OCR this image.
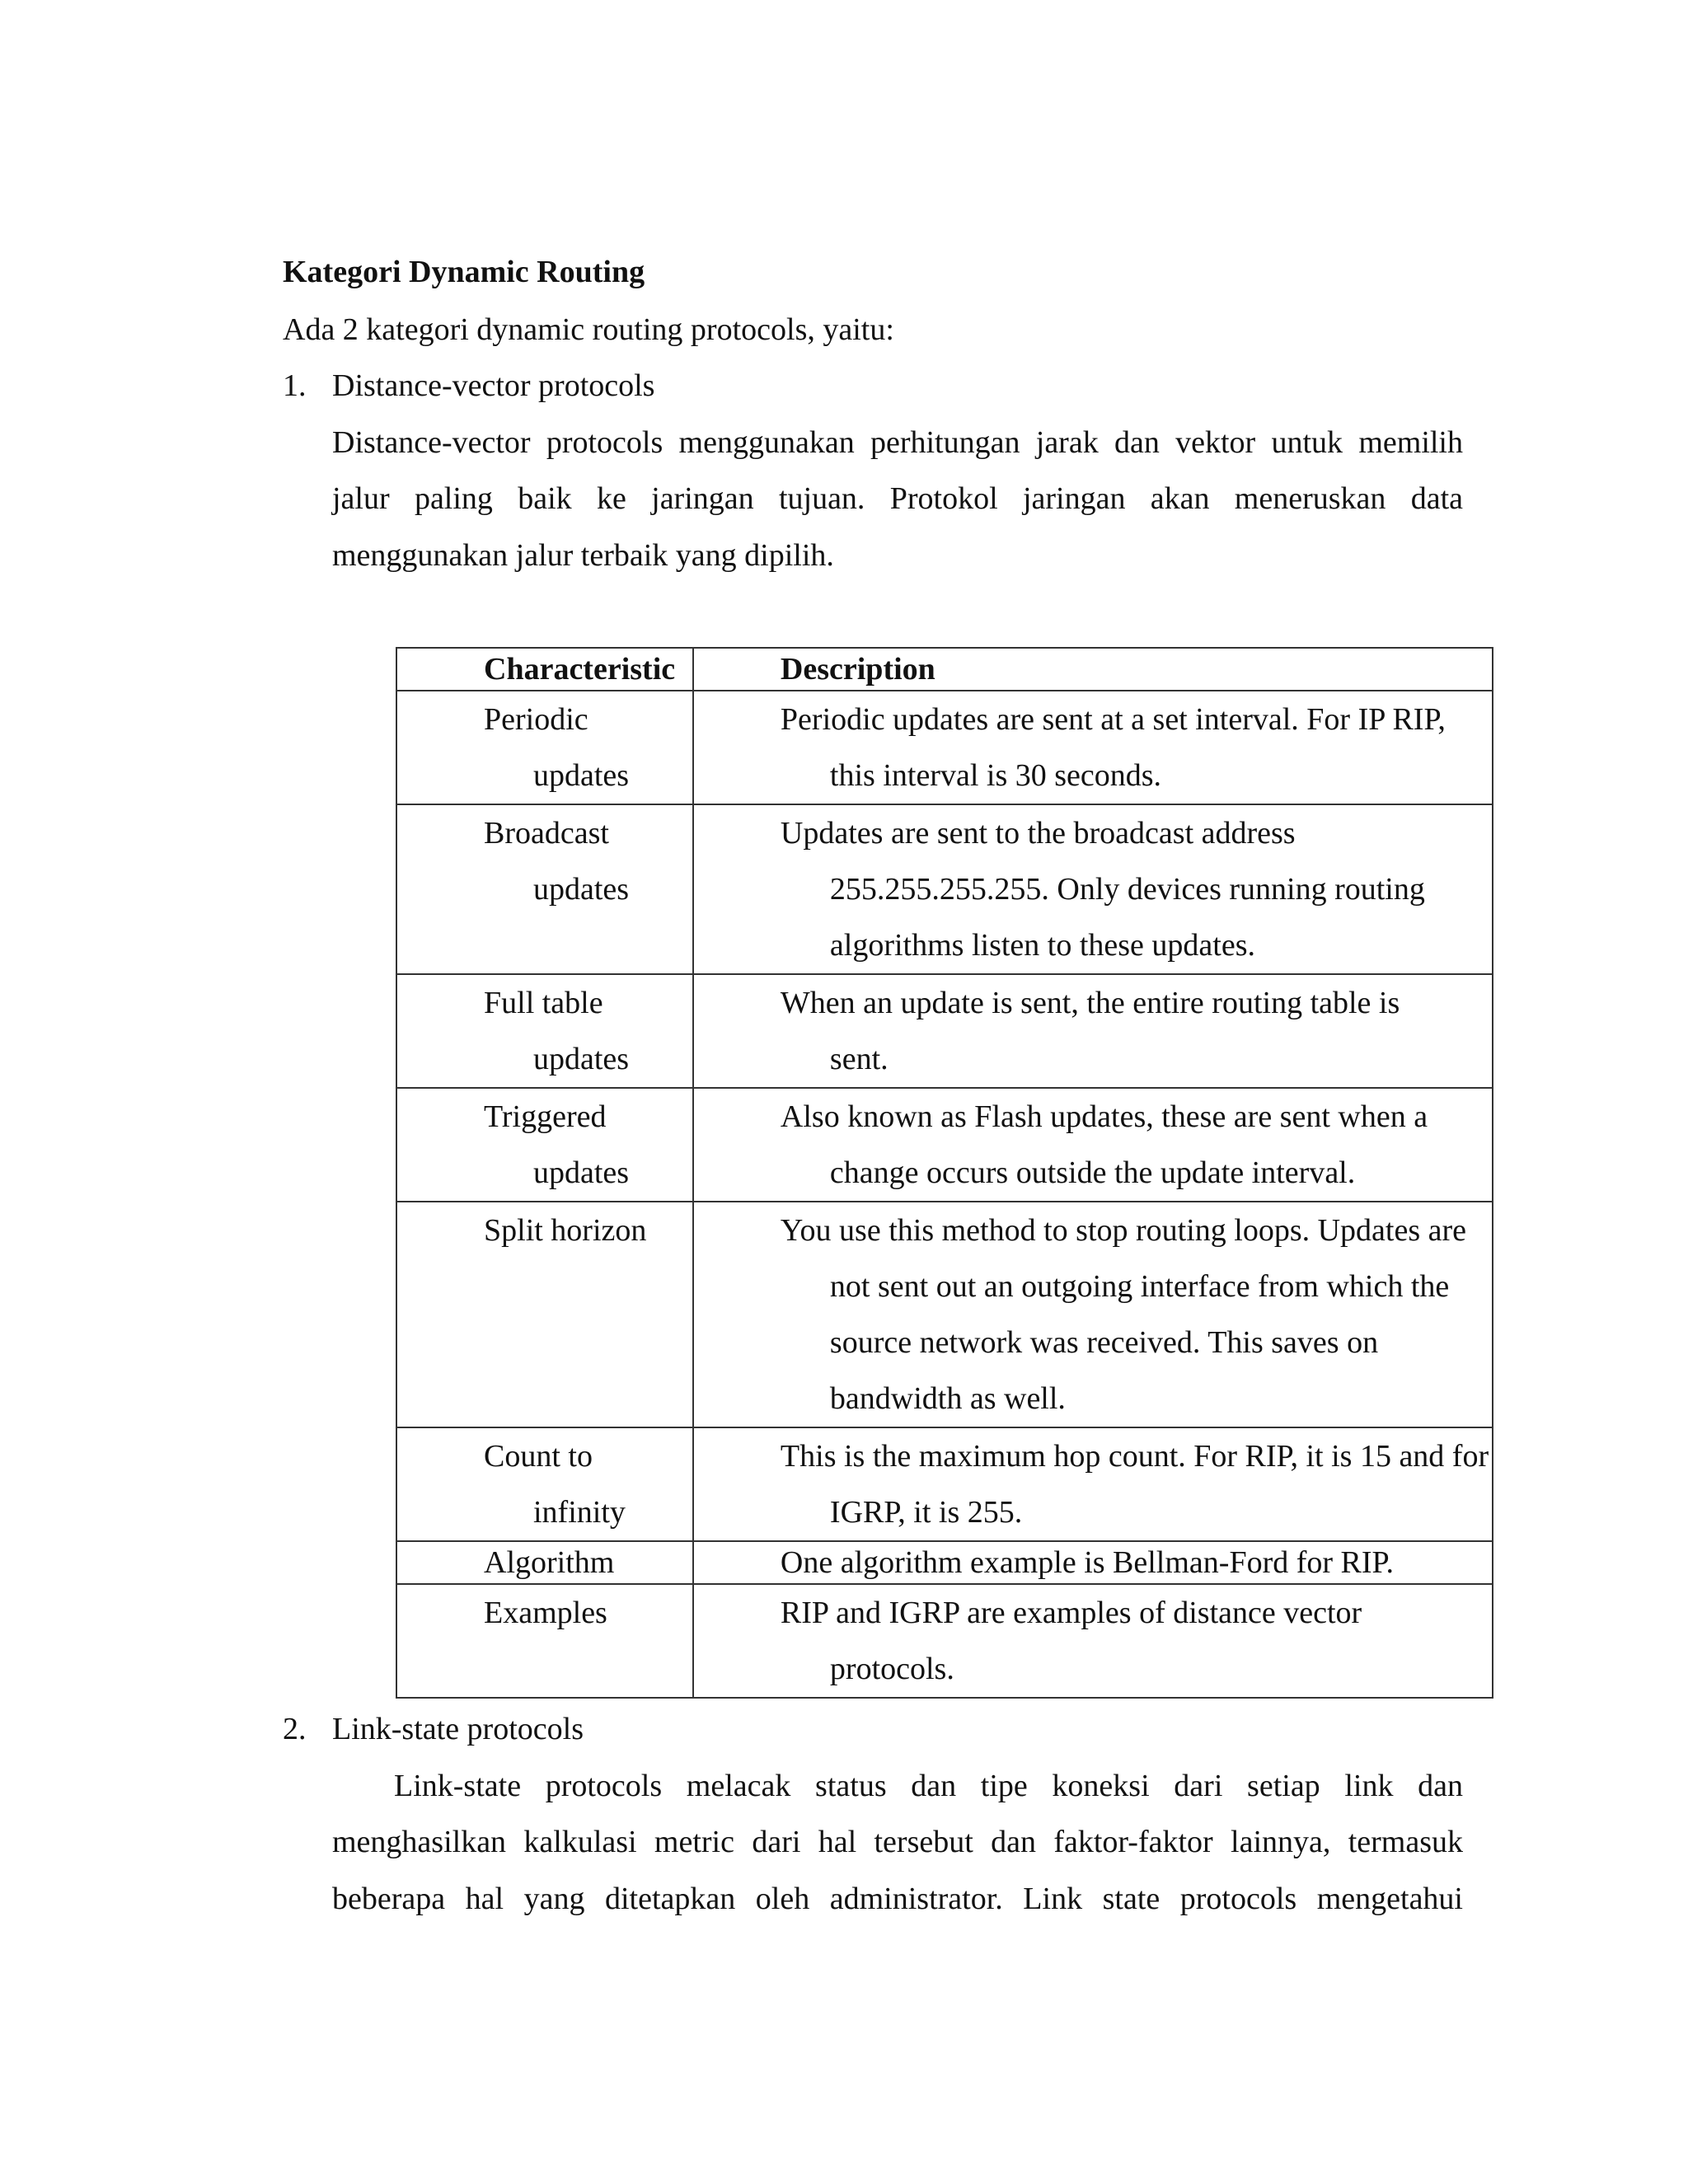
Kategori Dynamic Routing
Ada 2 kategori dynamic routing protocols, yaitu:
1. Distance-vector protocols
Distance-vector protocols menggunakan perhitungan jarak dan vektor untuk memilih
jalur paling baik ke jaringan tujuan. Protokol jaringan akan meneruskan data
menggunakan jalur terbaik yang dipilih.
Characteristic	Description

Periodic updates	Periodic updates are sent at a set interval. For IP RIP, this interval is 30 seconds.

Broadcast updates	Updates are sent to the broadcast address 255.255.255.255. Only devices running routing algorithms listen to these updates.

Full table updates	When an update is sent, the entire routing table is sent.

Triggered updates	Also known as Flash updates, these are sent when a change occurs outside the update interval.

Split horizon	You use this method to stop routing loops. Updates are not sent out an outgoing interface from which the source network was received. This saves on bandwidth as well.

Count to infinity	This is the maximum hop count. For RIP, it is 15 and for IGRP, it is 255.

Algorithm	One algorithm example is Bellman-Ford for RIP.

Examples	RIP and IGRP are examples of distance vector protocols.
2. Link-state protocols
Link-state protocols melacak status dan tipe koneksi dari setiap link dan
menghasilkan kalkulasi metric dari hal tersebut dan faktor-faktor lainnya, termasuk
beberapa hal yang ditetapkan oleh administrator. Link state protocols mengetahui
